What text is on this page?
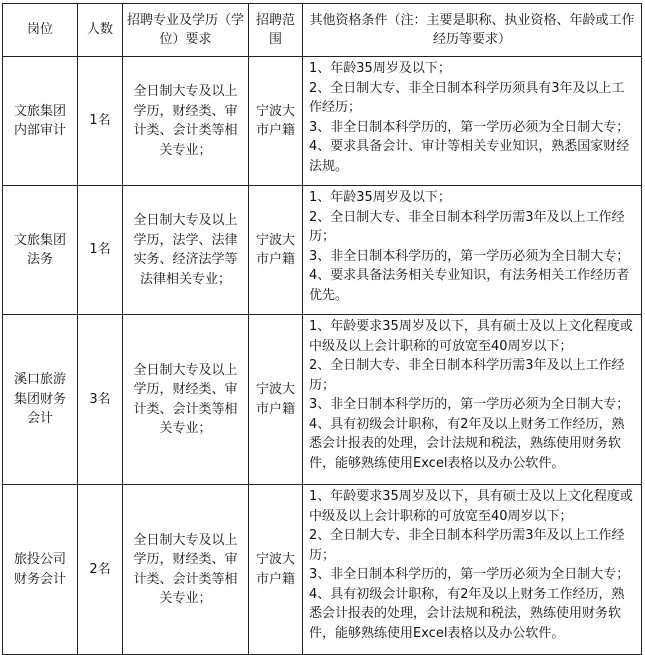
岗位	人数	招聘专业及学历（学位）要求	招聘范围	其他资格条件（注：主要是职称、执业资格、年龄或工作经历等要求）
文旅集团内部审计	1名	全日制大专及以上学历，财经类、审计类、会计类等相关专业；	宁波大市户籍	1、年龄35周岁及以下；

2、全日制大专、非全日制本科学历须具有3年及以上工作经历；

3、非全日制本科学历的，第一学历必须为全日制大专；

4、要求具备会计、审计等相关专业知识，熟悉国家财经法规。

文旅集团法务	1名	全日制大专及以上学历，法学、法律实务、经济法学等法律相关专业；	宁波大市户籍	1、年龄35周岁及以下；

2、全日制大专、非全日制本科学历需3年及以上工作经历；

3、非全日制本科学历的，第一学历必须为全日制大专；

4、要求具备法务相关专业知识，有法务相关工作经历者优先。

溪口旅游集团财务会计	3名	全日制大专及以上学历，财经类、审计类、会计类等相关专业；	宁波大市户籍	1、年龄要求35周岁及以下，具有硕士及以上文化程度或中级及以上会计职称的可放宽至40周岁以下；

2、全日制大专、非全日制本科学历需3年及以上工作经历；

3、非全日制本科学历的，第一学历必须为全日制大专；

4、具有初级会计职称，有2年及以上财务工作经历，熟悉会计报表的处理，会计法规和税法，熟练使用财务软件，能够熟练使用Excel表格以及办公软件。

旅投公司财务会计	2名	全日制大专及以上学历，财经类、审计类、会计类等相关专业；	宁波大市户籍	1、年龄要求35周岁及以下，具有硕士及以上文化程度或中级及以上会计职称的可放宽至40周岁以下；

2、全日制大专、非全日制本科学历需3年及以上工作经历；

3、非全日制本科学历的，第一学历必须为全日制大专；

4、具有初级会计职称，有2年及以上财务工作经历，熟悉会计报表的处理，会计法规和税法，熟练使用财务软件，能够熟练使用Excel表格以及办公软件。
